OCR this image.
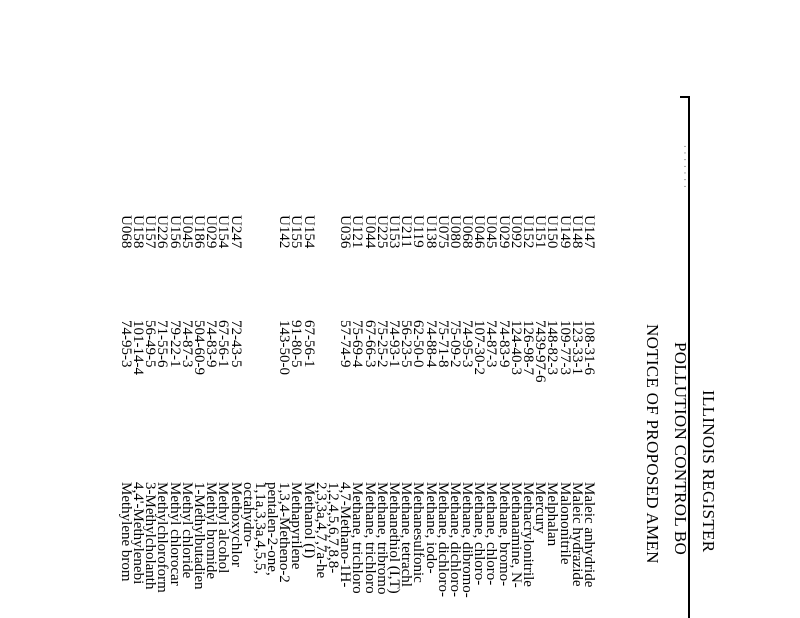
· · · · · · ·
ILLINOIS REGISTER
POLLUTION CONTROL BO
NOTICE OF PROPOSED AMEN
U147
U148
U149
U150
U151
U152
U092
U029
U045
U046
U068
U080
U075
U138
U119
U211
U153
U225
U044
U121
U036
U154
U155
U142
U247
U154
U029
U186
U045
U156
U226
U157
U158
U068
108-31-6
123-33-1
109-77-3
148-82-3
7439-97-6
126-98-7
124-40-3
74-83-9
74-87-3
107-30-2
74-95-3
75-09-2
75-71-8
74-88-4
62-50-0
56-23-5
74-93-1
75-25-2
67-66-3
75-69-4
57-74-9
67-56-1
91-80-5
143-50-0
72-43-5
67-56-1
74-83-9
504-60-9
74-87-3
79-22-1
71-55-6
56-49-5
101-14-4
74-95-3
Maleic anhydride
Maleic hydrazide
Malononitrile
Melphalan
Mercury
Methacrylonitrile
Methanamine, N-
Methane, bromo-
Methane, chloro-
Methane, chloro-
Methane, dibromo-
Methane, dichloro-
Methane, dichloro-
Methane, iodo-
Methanesulfonic
Methane, tetrachl
Methanethiol (I,T)
Methane, tribromo
Methane, trichloro
Methane, trichloro
4,7-Methano-1H-
1,2,4,5,6,7,8,8-
2,3,3a,4,7,7a-he
Methanol (I)
Methapyrilene
1,3,4-Metheno-2
pentalen-2-one,
1,1a,3,3a,4,5,5,
octahydro-
Methoxychlor
Methyl alcohol
Methyl bromide
1-Methylbutadien
Methyl chloride
Methyl chlorocar
Methylchloroform
3-Methylcholanth
4,4'-Methylenebi
Methylene brom
